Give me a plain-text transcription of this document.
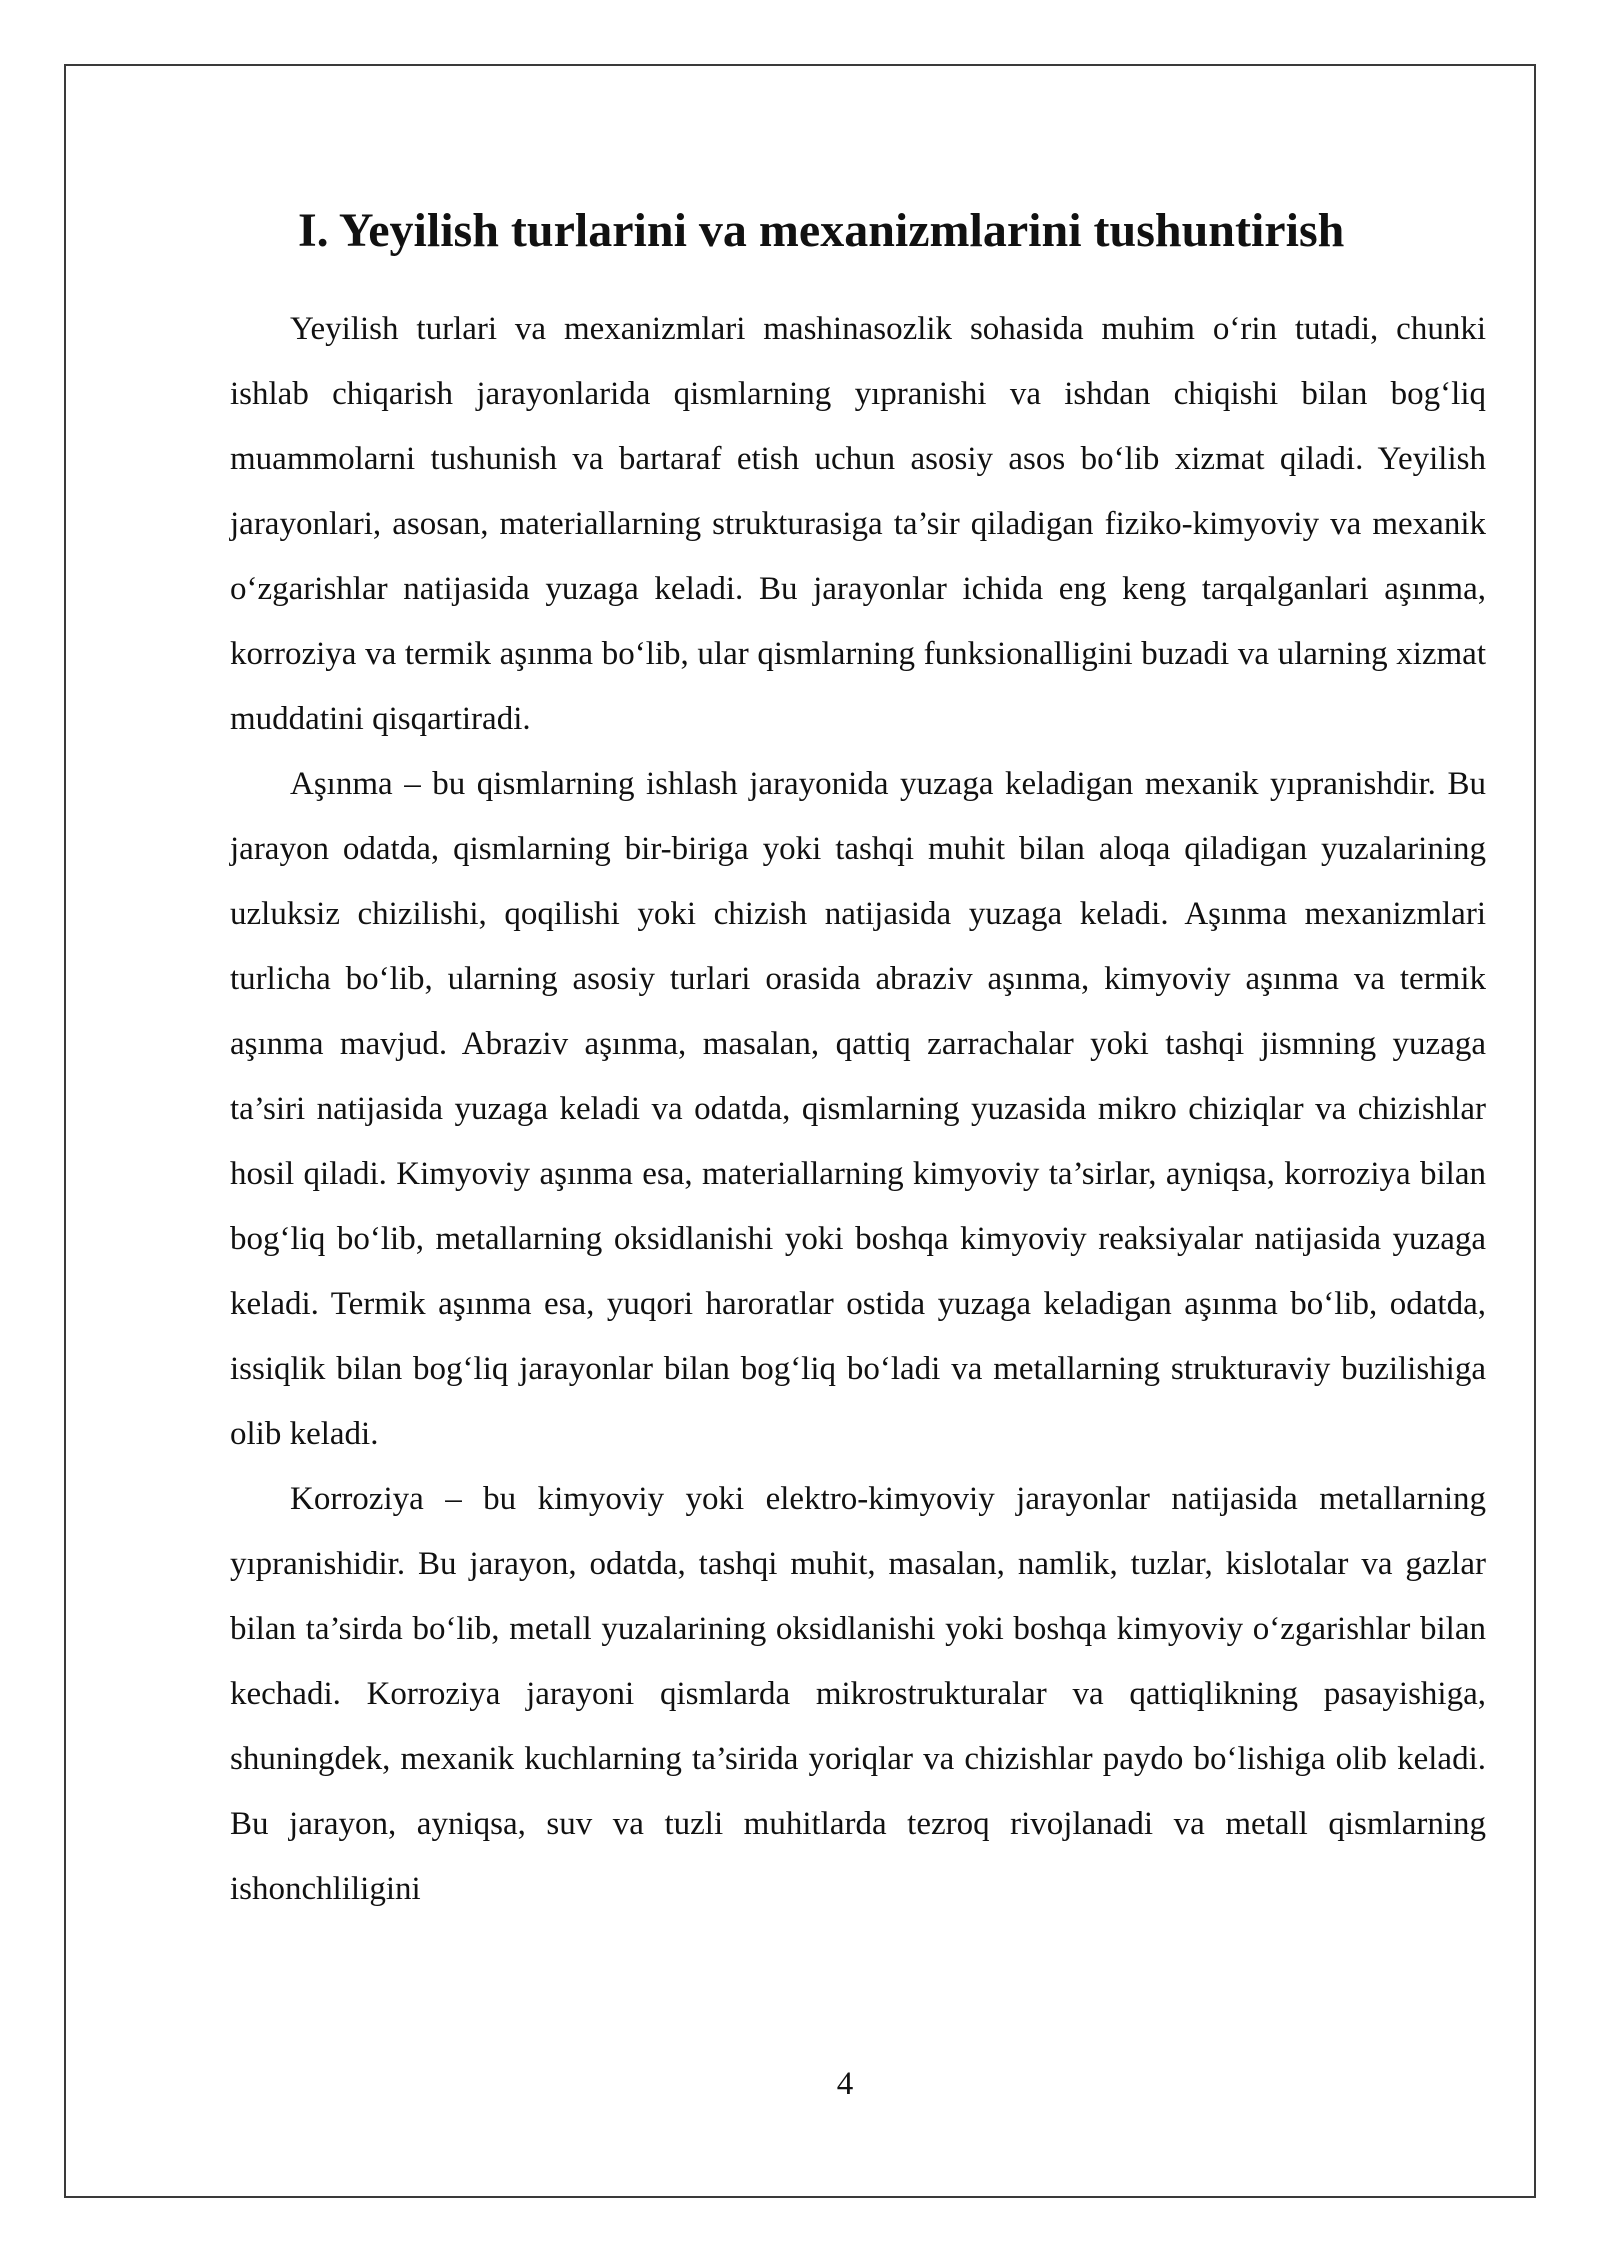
I. Yeyilish turlarini va mexanizmlarini tushuntirish

Yeyilish turlari va mexanizmlari mashinasozlik sohasida muhim o‘rin tutadi, chunki ishlab chiqarish jarayonlarida qismlarning yıpranishi va ishdan chiqishi bilan bog‘liq muammolarni tushunish va bartaraf etish uchun asosiy asos bo‘lib xizmat qiladi. Yeyilish jarayonlari, asosan, materiallarning strukturasiga ta’sir qiladigan fiziko-kimyoviy va mexanik o‘zgarishlar natijasida yuzaga keladi. Bu jarayonlar ichida eng keng tarqalganlari aşınma, korroziya va termik aşınma bo‘lib, ular qismlarning funksionalligini buzadi va ularning xizmat muddatini qisqartiradi.

Aşınma – bu qismlarning ishlash jarayonida yuzaga keladigan mexanik yıpranishdir. Bu jarayon odatda, qismlarning bir-biriga yoki tashqi muhit bilan aloqa qiladigan yuzalarining uzluksiz chizilishi, qoqilishi yoki chizish natijasida yuzaga keladi. Aşınma mexanizmlari turlicha bo‘lib, ularning asosiy turlari orasida abraziv aşınma, kimyoviy aşınma va termik aşınma mavjud. Abraziv aşınma, masalan, qattiq zarrachalar yoki tashqi jismning yuzaga ta’siri natijasida yuzaga keladi va odatda, qismlarning yuzasida mikro chiziqlar va chizishlar hosil qiladi. Kimyoviy aşınma esa, materiallarning kimyoviy ta’sirlar, ayniqsa, korroziya bilan bog‘liq bo‘lib, metallarning oksidlanishi yoki boshqa kimyoviy reaksiyalar natijasida yuzaga keladi. Termik aşınma esa, yuqori haroratlar ostida yuzaga keladigan aşınma bo‘lib, odatda, issiqlik bilan bog‘liq jarayonlar bilan bog‘liq bo‘ladi va metallarning strukturaviy buzilishiga olib keladi.

Korroziya – bu kimyoviy yoki elektro-kimyoviy jarayonlar natijasida metallarning yıpranishidir. Bu jarayon, odatda, tashqi muhit, masalan, namlik, tuzlar, kislotalar va gazlar bilan ta’sirda bo‘lib, metall yuzalarining oksidlanishi yoki boshqa kimyoviy o‘zgarishlar bilan kechadi. Korroziya jarayoni qismlarda mikrostrukturalar va qattiqlikning pasayishiga, shuningdek, mexanik kuchlarning ta’sirida yoriqlar va chizishlar paydo bo‘lishiga olib keladi. Bu jarayon, ayniqsa, suv va tuzli muhitlarda tezroq rivojlanadi va metall qismlarning ishonchliligini

4
